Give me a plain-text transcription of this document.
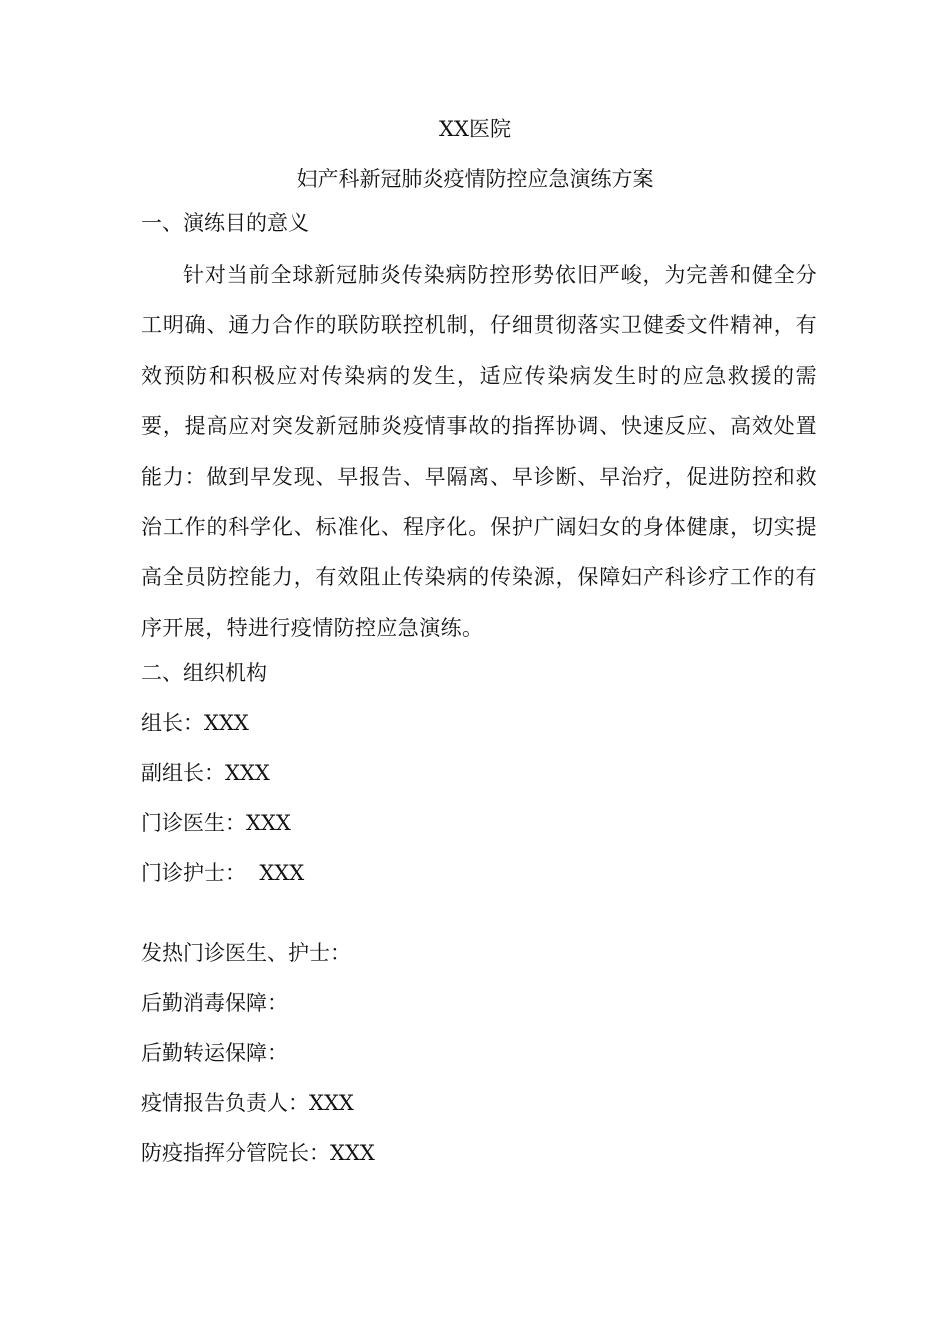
XX医院
妇产科新冠肺炎疫情防控应急演练方案
一、演练目的意义
针对当前全球新冠肺炎传染病防控形势依旧严峻，为完善和健全分工明确、通力合作的联防联控机制，仔细贯彻落实卫健委文件精神，有效预防和积极应对传染病的发生，适应传染病发生时的应急救援的需要，提高应对突发新冠肺炎疫情事故的指挥协调、快速反应、高效处置能力：做到早发现、早报告、早隔离、早诊断、早治疗，促进防控和救治工作的科学化、标准化、程序化。保护广阔妇女的身体健康，切实提高全员防控能力，有效阻止传染病的传染源，保障妇产科诊疗工作的有序开展，特进行疫情防控应急演练。
二、组织机构
组长：XXX
副组长：XXX
门诊医生：XXX
门诊护士：  XXX
发热门诊医生、护士：
后勤消毒保障：
后勤转运保障：
疫情报告负责人：XXX
防疫指挥分管院长：XXX
